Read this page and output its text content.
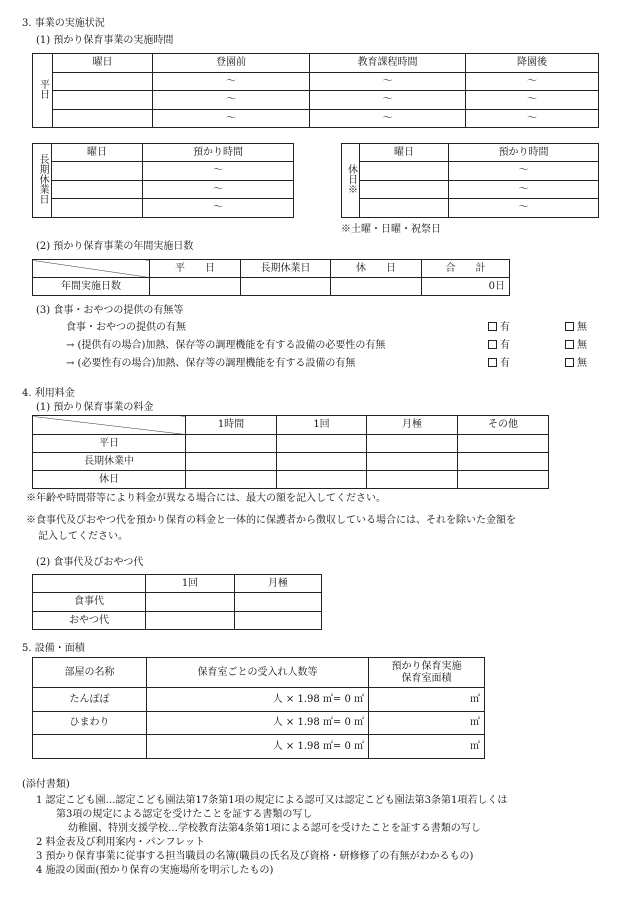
3. 事業の実施状況
(1) 預かり保育事業の実施時間
平日	曜日	登園前	教育課程時間	降園後
		〜	〜	〜
		〜	〜	〜
		〜	〜	〜
長期休業日	曜日	預かり時間
		〜
		〜
		〜
休日※	曜日	預かり時間
		〜
		〜
		〜
※土曜・日曜・祝祭日
(2) 預かり保育事業の年間実施日数
	平　　日	長期休業日	休　　日	合　　計
年間実施日数				0日
(3) 食事・おやつの提供の有無等
食事・おやつの提供の有無	有	無
→ (提供有の場合)加熱、保存等の調理機能を有する設備の必要性の有無	有	無
→ (必要性有の場合)加熱、保存等の調理機能を有する設備の有無	有	無
4. 利用料金
(1) 預かり保育事業の料金
	1時間	1回	月極	その他
平日				
長期休業中				
休日				
※年齢や時間帯等により料金が異なる場合には、最大の額を記入してください。
※食事代及びおやつ代を預かり保育の料金と一体的に保護者から徴収している場合には、それを除いた金額を
記入してください。
(2) 食事代及びおやつ代
	1回	月極
食事代		
おやつ代		
5. 設備・面積
部屋の名称	保育室ごとの受入れ人数等	預かり保育実施
保育室面積
たんぽぽ	人 × 1.98 ㎡= 0 ㎡	㎡
ひまわり	人 × 1.98 ㎡= 0 ㎡	㎡
	人 × 1.98 ㎡= 0 ㎡	㎡
(添付書類)
1 認定こども園…認定こども園法第17条第1項の規定による認可又は認定こども園法第3条第1項若しくは
第3項の規定による認定を受けたことを証する書類の写し
幼稚園、特別支援学校…学校教育法第4条第1項による認可を受けたことを証する書類の写し
2 料金表及び利用案内・パンフレット
3 預かり保育事業に従事する担当職員の名簿(職員の氏名及び資格・研修修了の有無がわかるもの)
4 施設の図面(預かり保育の実施場所を明示したもの)
